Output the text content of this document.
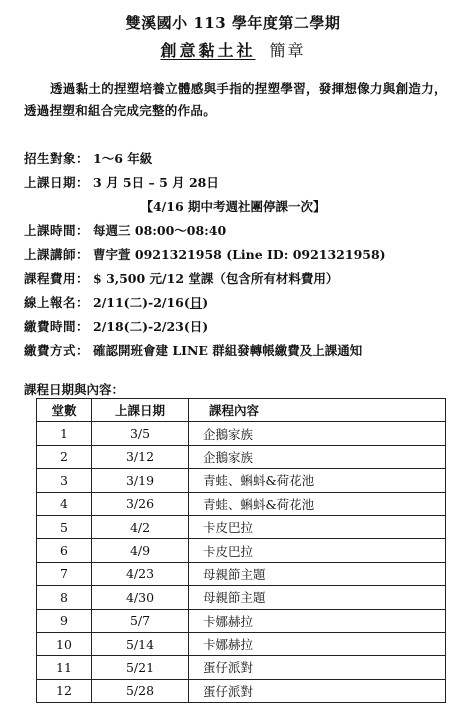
雙溪國小 113 學年度第二學期
創意黏土社 簡章
透過黏土的捏塑培養立體感與手指的捏塑學習，發揮想像力與創造力，透過捏塑和組合完成完整的作品。
招生對象： 1～6 年級
上課日期： 3 月 5日 – 5 月 28日
【4/16 期中考週社團停課一次】
上課時間： 每週三 08:00～08:40
上課講師： 曹宇萱 0921321958 (Line ID: 0921321958)
課程費用： $ 3,500 元/12 堂課（包含所有材料費用）
線上報名： 2/11(二)-2/16(日)
繳費時間： 2/18(二)-2/23(日)
繳費方式： 確認開班會建 LINE 群組發轉帳繳費及上課通知
課程日期與內容：
堂數	上課日期	課程內容
1	3/5	企鵝家族
2	3/12	企鵝家族
3	3/19	青蛙、蝌蚪&荷花池
4	3/26	青蛙、蝌蚪&荷花池
5	4/2	卡皮巴拉
6	4/9	卡皮巴拉
7	4/23	母親節主題
8	4/30	母親節主題
9	5/7	卡娜赫拉
10	5/14	卡娜赫拉
11	5/21	蛋仔派對
12	5/28	蛋仔派對
